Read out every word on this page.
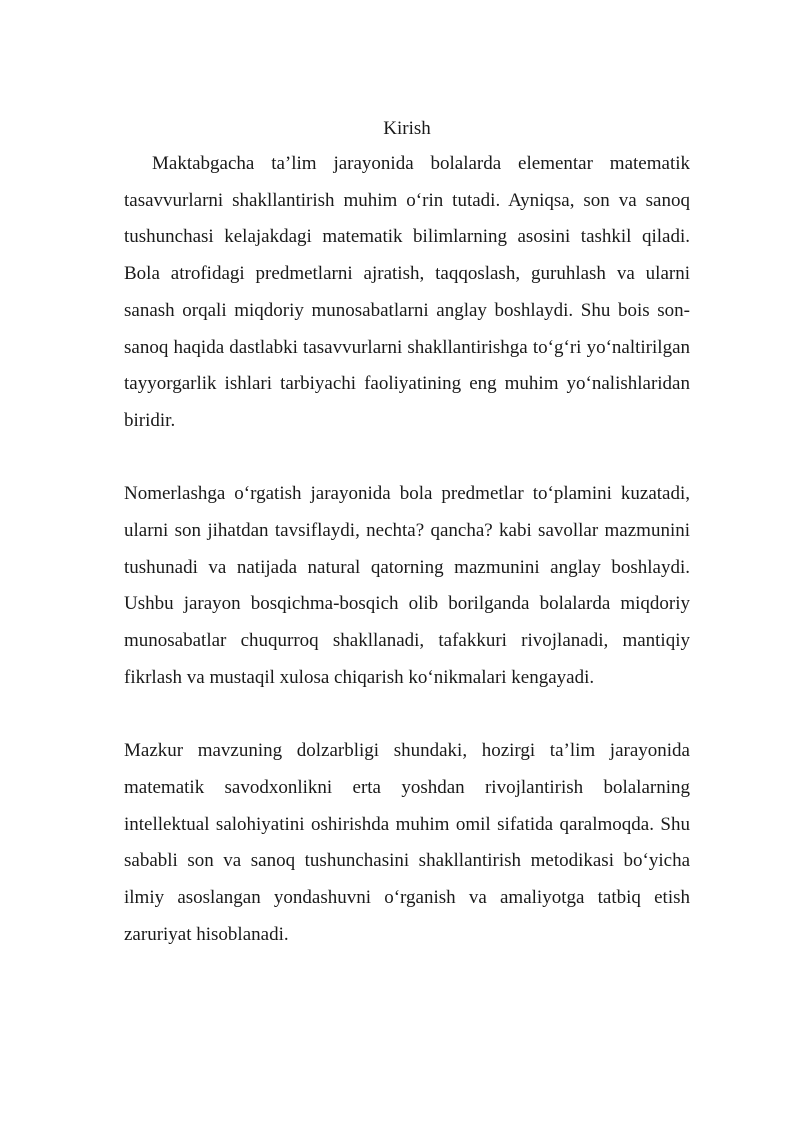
Kirish

Maktabgacha ta’lim jarayonida bolalarda elementar matematik tasavvurlarni shakllantirish muhim o‘rin tutadi. Ayniqsa, son va sanoq tushunchasi kelajakdagi matematik bilimlarning asosini tashkil qiladi. Bola atrofidagi predmetlarni ajratish, taqqoslash, guruhlash va ularni sanash orqali miqdoriy munosabatlarni anglay boshlaydi. Shu bois son-sanoq haqida dastlabki tasavvurlarni shakllantirishga to‘g‘ri yo‘naltirilgan tayyorgarlik ishlari tarbiyachi faoliyatining eng muhim yo‘nalishlaridan biridir.

Nomerlashga o‘rgatish jarayonida bola predmetlar to‘plamini kuzatadi, ularni son jihatdan tavsiflaydi, nechta? qancha? kabi savollar mazmunini tushunadi va natijada natural qatorning mazmunini anglay boshlaydi. Ushbu jarayon bosqichma-bosqich olib borilganda bolalarda miqdoriy munosabatlar chuqurroq shakllanadi, tafakkuri rivojlanadi, mantiqiy fikrlash va mustaqil xulosa chiqarish ko‘nikmalari kengayadi.

Mazkur mavzuning dolzarbligi shundaki, hozirgi ta’lim jarayonida matematik savodxonlikni erta yoshdan rivojlantirish bolalarning intellektual salohiyatini oshirishda muhim omil sifatida qaralmoqda. Shu sababli son va sanoq tushunchasini shakllantirish metodikasi bo‘yicha ilmiy asoslangan yondashuvni o‘rganish va amaliyotga tatbiq etish zaruriyat hisoblanadi.
